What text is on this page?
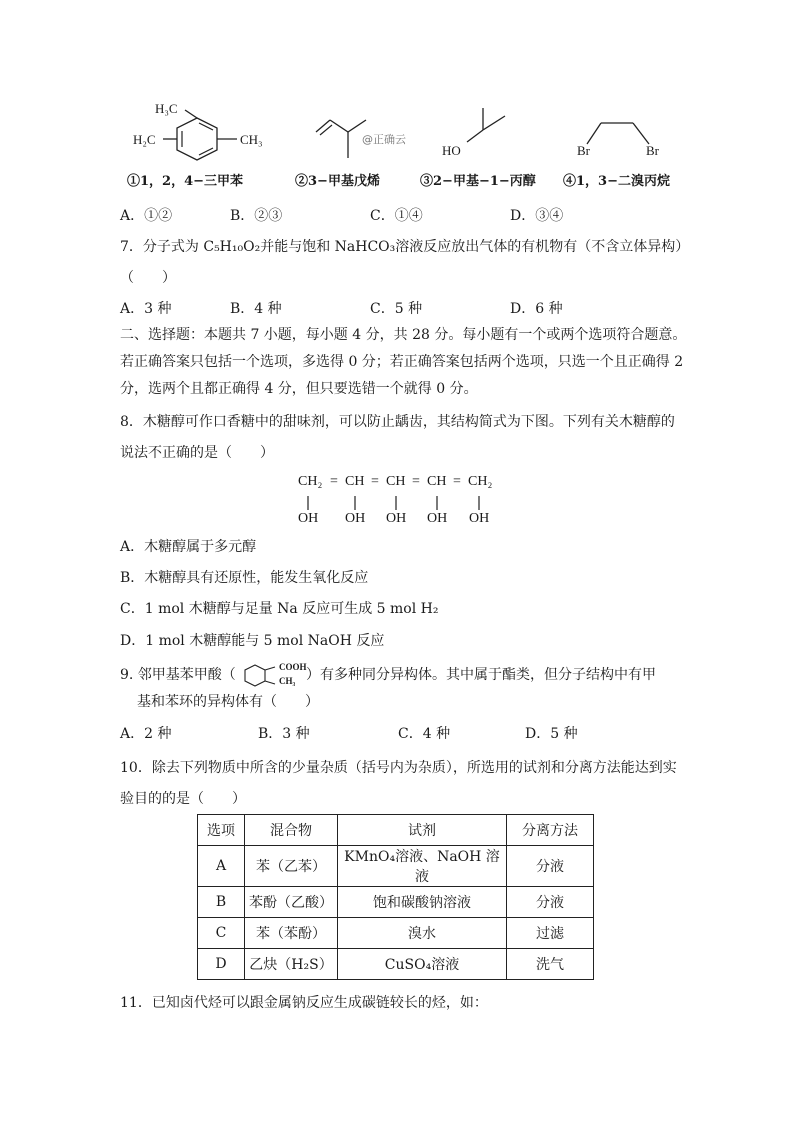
H₃C
H₂C	CH₃
①1，2，4−三甲苯
@正确云
②3−甲基戊烯
HO
③2−甲基−1−丙醇
Br	Br
④1，3−二溴丙烷
A．①②	B．②③	C．①④	D．③④
7．分子式为 C₅H₁₀O₂并能与饱和 NaHCO₃溶液反应放出气体的有机物有（不含立体异构）
（　　）
A．3 种	B．4 种	C．5 种	D．6 种
二、选择题：本题共 7 小题，每小题 4 分，共 28 分。每小题有一个或两个选项符合题意。
若正确答案只包括一个选项，多选得 0 分；若正确答案包括两个选项，只选一个且正确得 2
分，选两个且都正确得 4 分，但只要选错一个就得 0 分。
8．木糖醇可作口香糖中的甜味剂，可以防止龋齿，其结构简式为下图。下列有关木糖醇的
说法不正确的是（　　）
CH₂ = CH = CH = CH = CH₂
OH OH OH OH OH
A．木糖醇属于多元醇
B．木糖醇具有还原性，能发生氧化反应
C．1 mol 木糖醇与足量 Na 反应可生成 5 mol H₂
D．1 mol 木糖醇能与 5 mol NaOH 反应
9. 邻甲基苯甲酸（	COOH
CH₃ ）有多种同分异构体。其中属于酯类，但分子结构中有甲
基和苯环的异构体有（　　）
A．2 种	B．3 种	C．4 种	D．5 种
10．除去下列物质中所含的少量杂质（括号内为杂质），所选用的试剂和分离方法能达到实
验目的的是（　　）
选项	混合物	试剂	分离方法
A	苯（乙苯）	KMnO₄溶液、NaOH 溶液	分液
B	苯酚（乙酸）	饱和碳酸钠溶液	分液
C	苯（苯酚）	溴水	过滤
D	乙炔（H₂S）	CuSO₄溶液	洗气
11．已知卤代烃可以跟金属钠反应生成碳链较长的烃，如：
